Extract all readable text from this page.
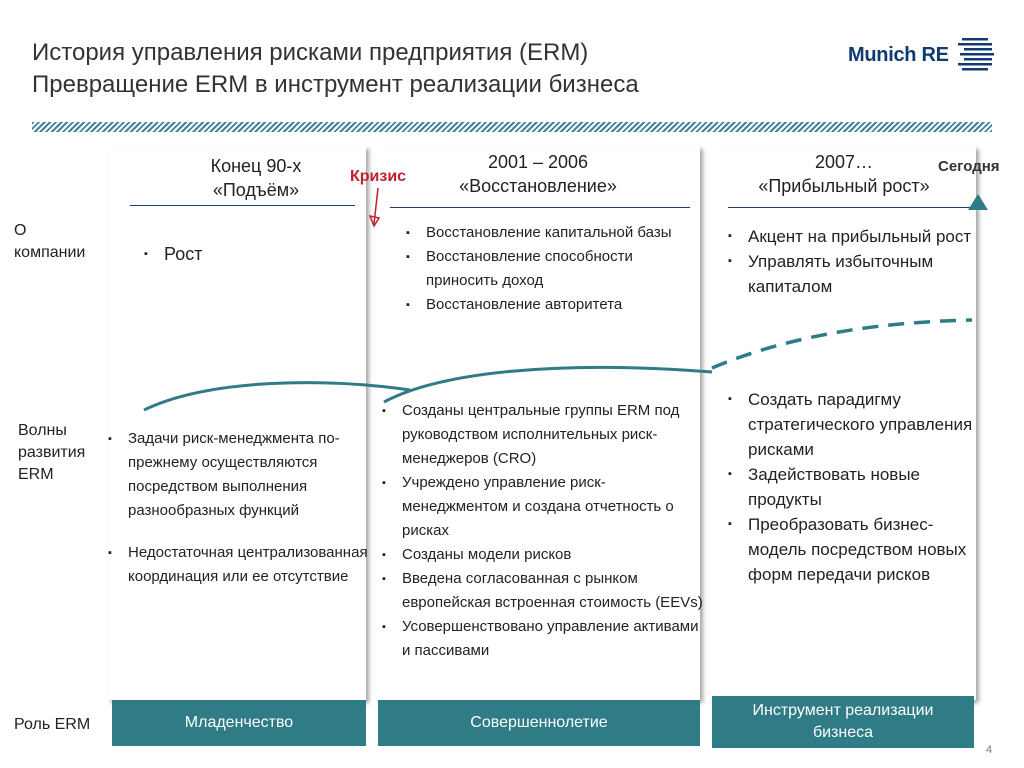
История управления рисками предприятия (ERM)
Превращение ERM в инструмент реализации бизнеса
Munich RE
Конец 90-х
«Подъём»
2001 – 2006
«Восстановление»
2007…
«Прибыльный рост»
Кризис
Сегодня
О
компании
Волны
развития
ERM
Роль ERM
▪ Рост
▪ Задачи риск-менеджмента по-прежнему осуществляются посредством выполнения разнообразных функций
▪ Недостаточная централизованная координация или ее отсутствие
▪ Восстановление капитальной базы
▪ Восстановление способности приносить доход
▪ Восстановление авторитета
▪ Созданы центральные группы ERM под руководством исполнительных риск-менеджеров (CRO)
▪ Учреждено управление риск-менеджментом и создана отчетность о рисках
▪ Созданы модели рисков
▪ Введена согласованная с рынком европейская встроенная стоимость (EEVs)
▪ Усовершенствовано управление активами и пассивами
▪ Акцент на прибыльный рост
▪ Управлять избыточным капиталом
▪ Создать парадигму стратегического управления рисками
▪ Задействовать новые продукты
▪ Преобразовать бизнес-модель посредством новых форм передачи рисков
Младенчество	Совершеннолетие
Инструмент реализации бизнеса
4
